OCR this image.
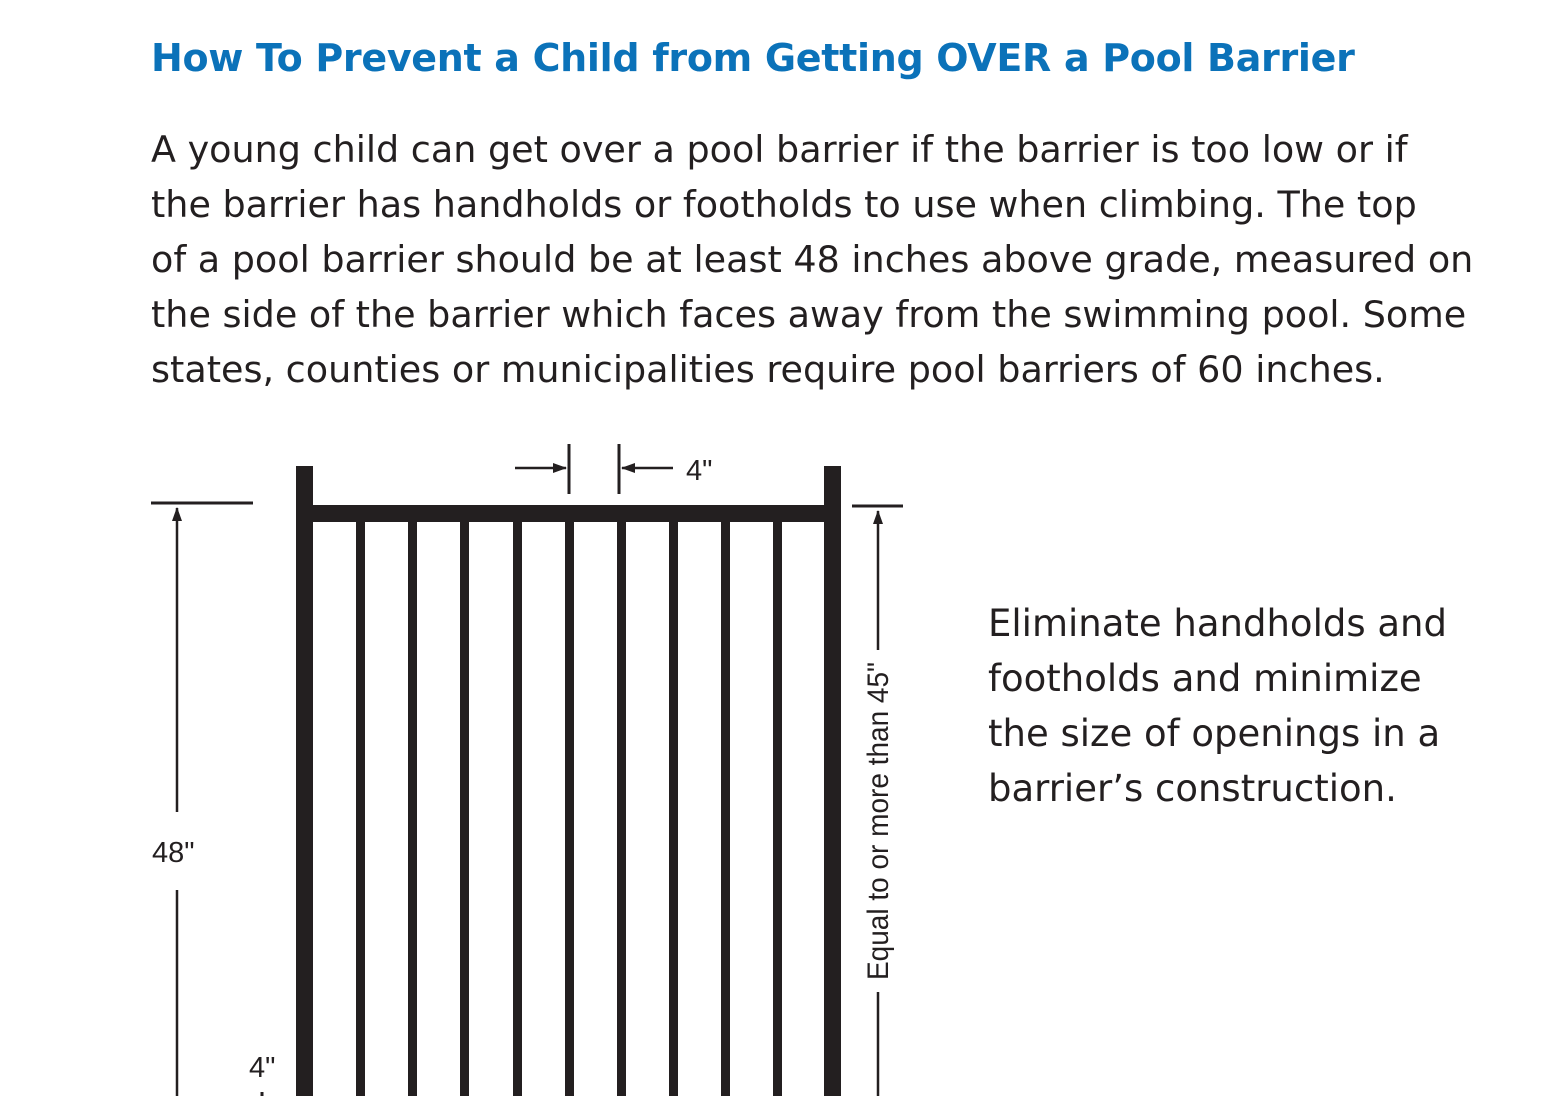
How To Prevent a Child from Getting OVER a Pool Barrier

A young child can get over a pool barrier if the barrier is too low or if
the barrier has handholds or footholds to use when climbing. The top
of a pool barrier should be at least 48 inches above grade, measured on
the side of the barrier which faces away from the swimming pool. Some
states, counties or municipalities require pool barriers of 60 inches.

4"
48"	Equal to or more than 45"
4"

Eliminate handholds and
footholds and minimize
the size of openings in a
barrier’s construction.
